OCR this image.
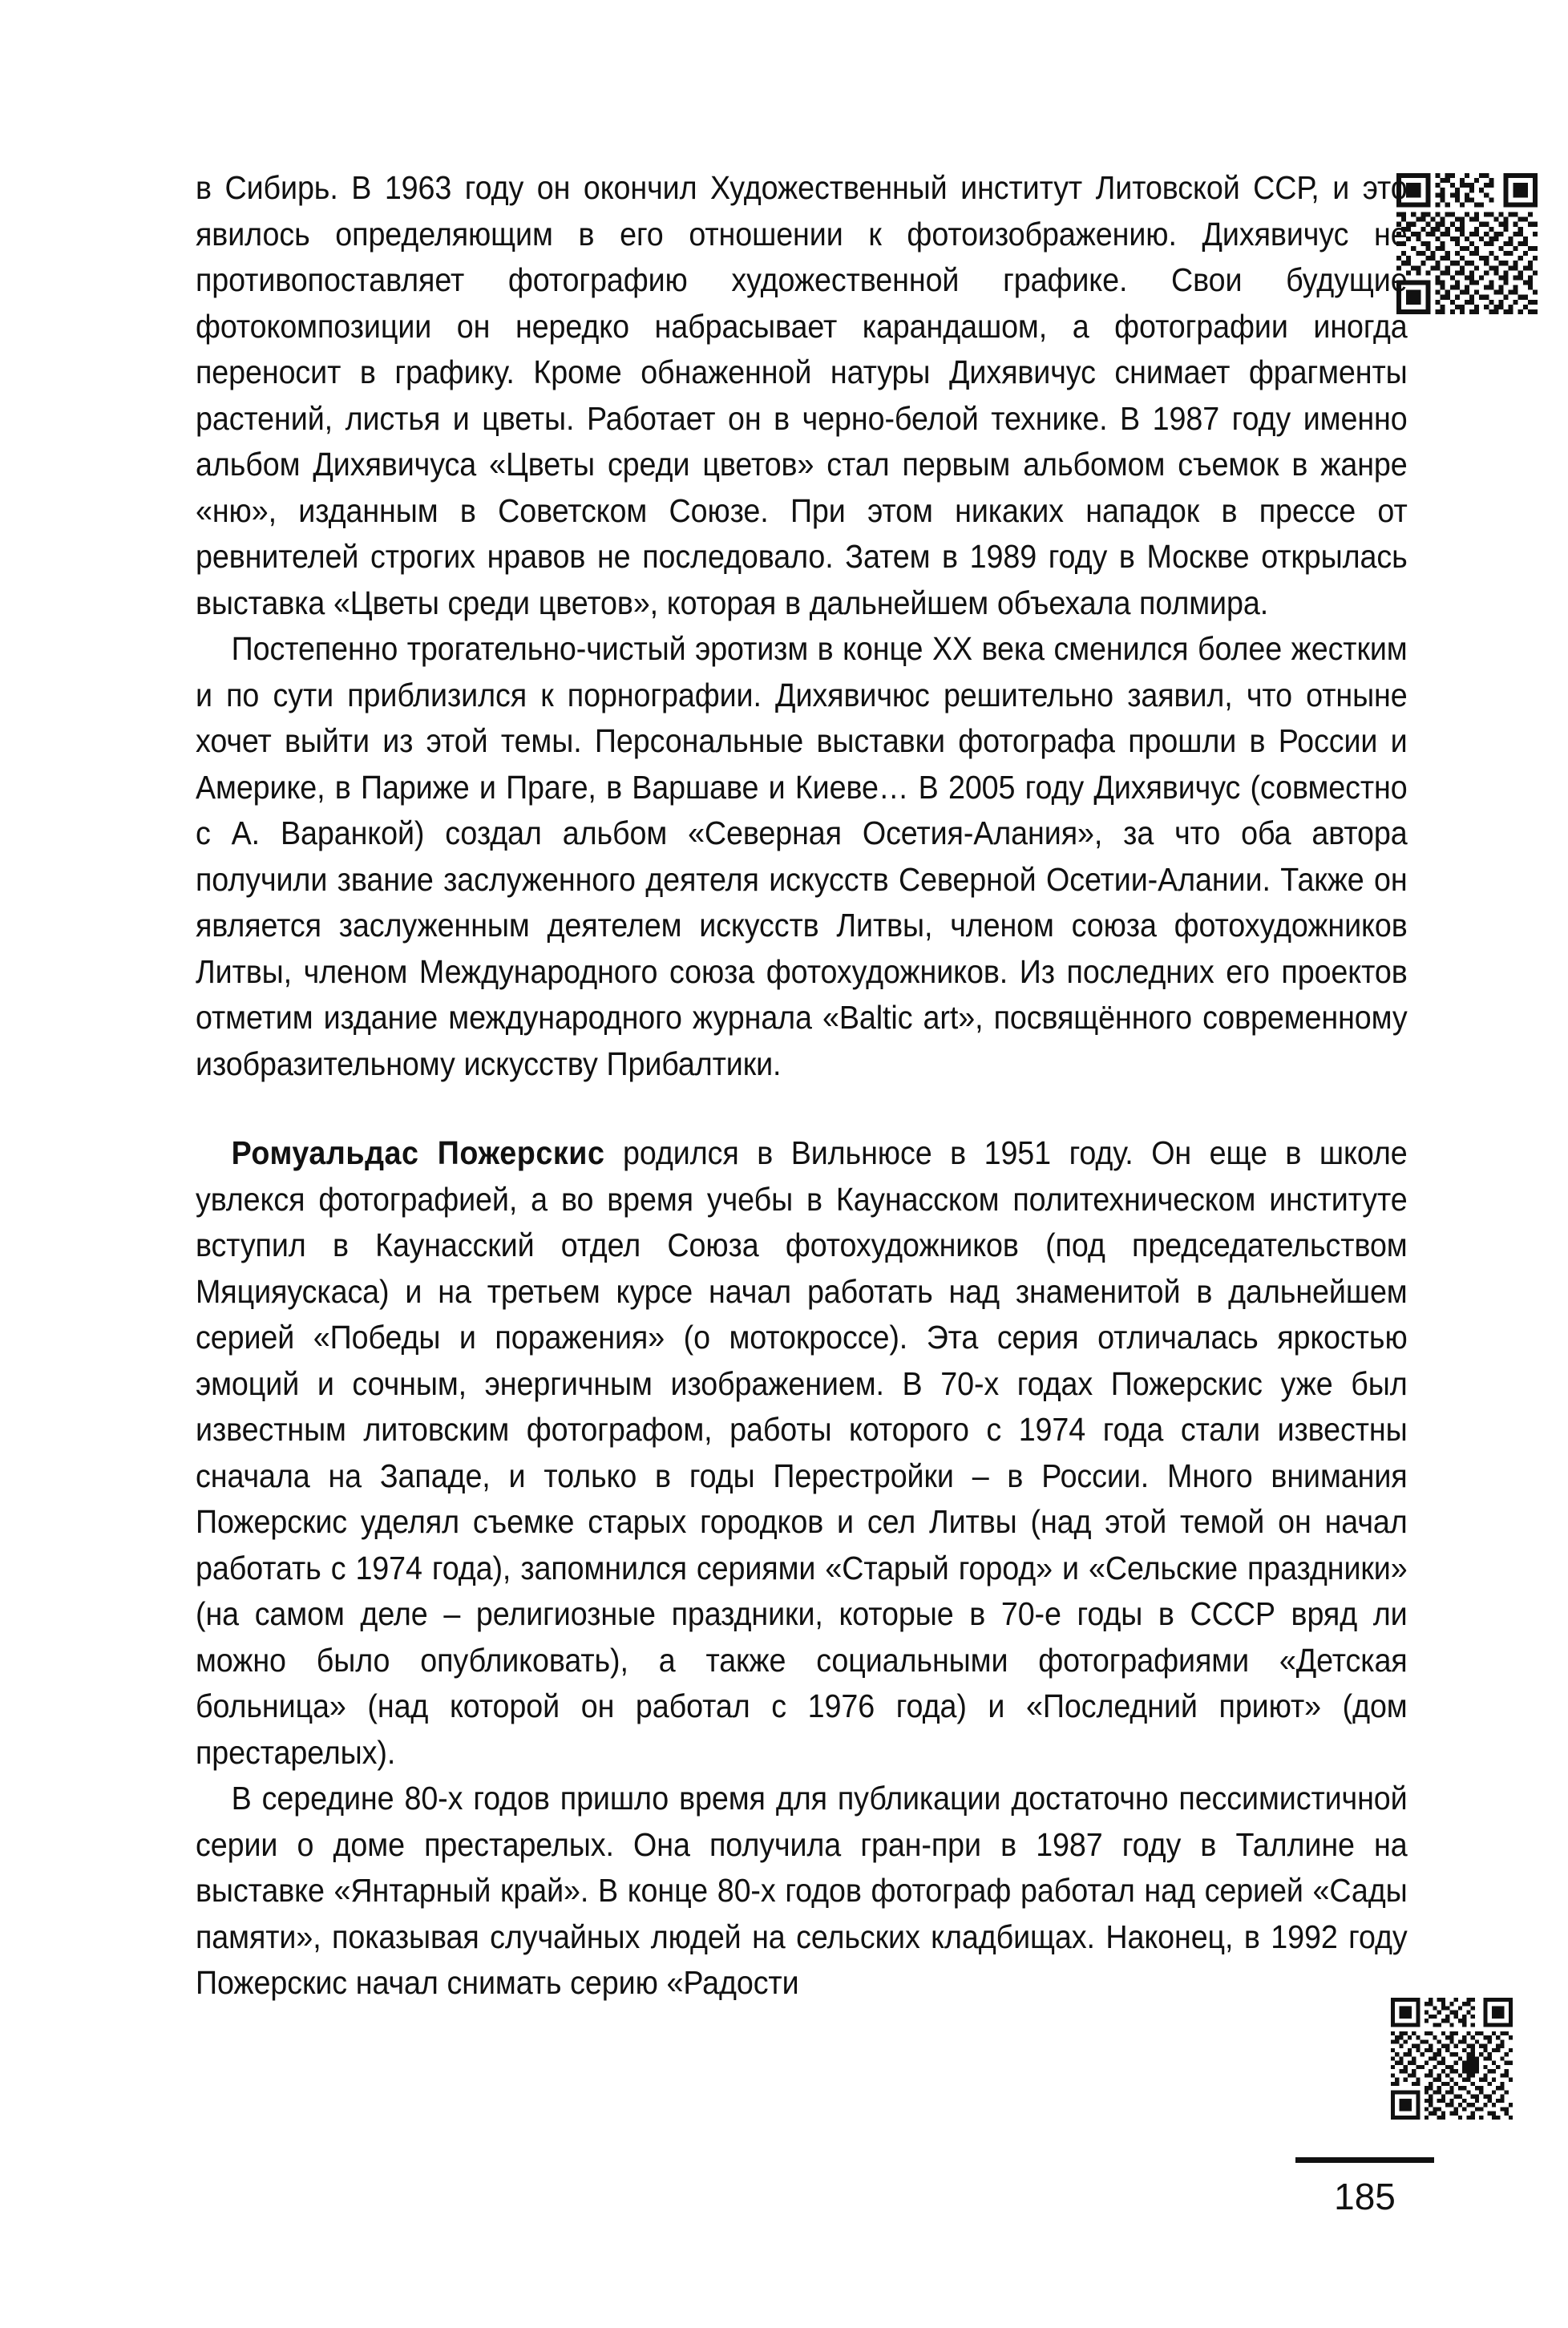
в Сибирь. В 1963 году он окончил Художественный институт Литовской ССР, и это явилось определяющим в его отношении к фотоизображению. Дихявичус не противопоставляет фотографию художественной графике. Свои будущие фотокомпозиции он нередко набрасывает карандашом, а фотографии иногда переносит в графику. Кроме обнаженной натуры Дихявичус снимает фрагменты растений, листья и цветы. Работает он в черно-белой технике. В 1987 году именно альбом Дихявичуса «Цветы среди цветов» стал первым альбомом съемок в жанре «ню», изданным в Советском Союзе. При этом никаких нападок в прессе от ревнителей строгих нравов не последовало. Затем в 1989 году в Москве открылась выставка «Цветы среди цветов», которая в дальнейшем объехала полмира.

Постепенно трогательно-чистый эротизм в конце XX века сменился более жестким и по сути приблизился к порнографии. Дихявичюс решительно заявил, что отныне хочет выйти из этой темы. Персональные выставки фотографа прошли в России и Америке, в Париже и Праге, в Варшаве и Киеве… В 2005 году Дихявичус (совместно с А. Варанкой) создал альбом «Северная Осетия-Алания», за что оба автора получили звание заслуженного деятеля искусств Северной Осетии-Алании. Также он является заслуженным деятелем искусств Литвы, членом союза фотохудожников Литвы, членом Международного союза фотохудожников. Из последних его проектов отметим издание международного журнала «Baltic art», посвящённого современному изобразительному искусству Прибалтики.

Ромуальдас Пожерскис родился в Вильнюсе в 1951 году. Он еще в школе увлекся фотографией, а во время учебы в Каунасском политехническом институте вступил в Каунасский отдел Союза фотохудожников (под председательством Мяцияускаса) и на третьем курсе начал работать над знаменитой в дальнейшем серией «Победы и поражения» (о мотокроссе). Эта серия отличалась яркостью эмоций и сочным, энергичным изображением. В 70-х годах Пожерскис уже был известным литовским фотографом, работы которого с 1974 года стали известны сначала на Западе, и только в годы Перестройки – в России. Много внимания Пожерскис уделял съемке старых городков и сел Литвы (над этой темой он начал работать с 1974 года), запомнился сериями «Старый город» и «Сельские праздники» (на самом деле – религиозные праздники, которые в 70-е годы в СССР вряд ли можно было опубликовать), а также социальными фотографиями «Детская больница» (над которой он работал с 1976 года) и «Последний приют» (дом престарелых).

В середине 80-х годов пришло время для публикации достаточно пессимистичной серии о доме престарелых. Она получила гран-при в 1987 году в Таллине на выставке «Янтарный край». В конце 80-х годов фотограф работал над серией «Сады памяти», показывая случайных людей на сельских кладбищах. Наконец, в 1992 году Пожерскис начал снимать серию «Радости

185
